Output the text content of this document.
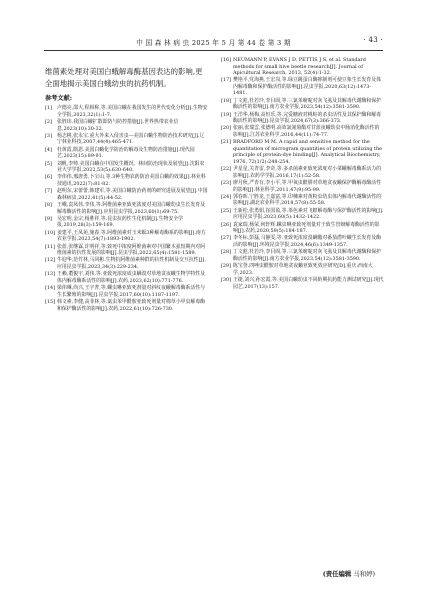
中 国 森 林 病 虫 2025 年 5 月 第 44 卷 第 3 期	· 43 ·

维菌素处理对美国白蛾解毒酶基因表达的影响,更全面地揭示美国白蛾幼虫的抗药机制。

参考文献:
[1]	卢德亮,邵大,程相称,等.美国白蛾在我国发生的世代变化分析[J].生物安全学报,2023,32(1):1-7.
[2]	张胜玮.我国白蛾扩散即防与防控措施[J].世界热带农业信息,2023(10):30-32.
[3]	杨志桃,张永宝.重大外来入侵害虫—美国白蛾生物防治技术研究[J].辽宁林业科技,2007,44(4):465-471.
[4]	杜黄霞,隋恩.美国白蛾化学防治的解毒及生物防治措施[J].现代园艺,2023(15):89-91.
[5]	刘帆,李帅.美国白蛾在中国发生概况、林间防治现状及展望[J].沈阳农业大学学报,2022,53(5):630-640.
[6]	李伟伟,邢唐勇,卜宝山,等.3种生物农药防治美国白蛾的效果[J].林业科技通讯,2022(7):81-82.
[7]	赵明东,宋蕾蕾,韩建军,等.美国白蛾防治药剂的研究进展及展望[J].中国森林病虫,2022,41(5):44-52.
[8]	王峨,袁凤伟,李伟,等.阿维菌素亚致死浓度对美国白蛾幼虫生长发育及解毒酶活性的影响[J].应用昆虫学报,2023,60(1):69-75.
[9]	吴宏明,金宗,杨胜祥,等.昆虫抗药性生化机制[J].生物安全学报,2019,28(3):159-169.
[10] 姜建平,王凤苑,施春,等.阿维菌素对玉米螟3种解毒酶系的影响[J].南方农业学报,2023,54(7):1893-1902.
[11] 张蓝,张继霖,许明祥,等.致死中浓度阿维菌素对中国繁木虱短期内对阿维菌素的抗性发展的影响[J].昆虫学报,2022,65(4):1581-1589.
[12] 牛迎华,范竹林,马同彬.生物抗阿维菌素种群的抗性机制及交互抗性[J].应用昆虫学报,2023,34(3):229-234.
[13] 王赖,董俊宇,刘伟,等.亚致死浓度成虫螨溴对草地贪夜蛾生物学特性及体内解毒酶系活性的影响[J].农药,2023,62(10):771-776.
[14] 梁伟琳,尚兴,王宇菁,等.螺虫啉亚致死剂量对斜纹夜蛾解毒酶系活性与生长繁殖的影响[J].昆虫学报,2017,60(10):1187-1197.
[15] 韩文素,李健,高菲林,等.氯虫苯甲酰胺亚致死剂量对棉草小甲虫解毒酶和保护酶活性的影响[J].农药,2022,61(10):726-730.
[16] NEUMANN P, EVANS J D, PETTIS J S, et al. Standard methods for small hive beetle research[J]. Journal of Apicultural Research, 2013, 52(4):1-32.
[17] 樊艳平,党海燕,王宏岗,等.绿豆跳蛋白酶抑制剂可使豆象生长发育及体内解毒酶和保护酶活性的影响[J].昆虫学报,2020,63(12):1473-1481.
[18] 丁文彪,杜若玲,李目阁,等.三氯苯嘧啶对灰飞虱及其解毒代谢酶和保护酶活性的影响[J].南方农业学报,2023,54(12):3581-3590.
[19] 王洋华,杨梅,高恒乐,等.完爱糖液对桃蛀的杀虫活性及其保护酶和解毒酶活性的影响[J].昆虫学报,2024,67(3):366-373.
[20] 张丽,张瑞雲,张德明.高效氯氰菊酯对甘蓝夜蛾幼虫中肠消化酶活性的影响[J].江苏农业科学,2016,44(11):74-77.
[21] BRADFORD M M. A rapid and sensitive method for the quantitation of microgram quantities of protein utilizing the principle of protein-dye binding[J]. Analytical Biochemistry, 1976, 72(1/2):248-254.
[22] 尹星星,关青雷,李奇,等.多杀菌素亚致死浓度对小菜蛾解毒酶系活力的影响[J].农药学学报,2016,17(1):52-58.
[23] 廖月秋,严青有,李小平,等.甲氧虫酰肼对草地贪夜蛾保护酶解毒酶活性的影响[J].林业科学,2011,47(9):95-99.
[24] 郭春晖,宁胜龙,王嘉富,等.印楝素对黄粉虫幼虫体内解毒代谢酶活性的影响[J].湖北农业科学,2018,57(8):55-58.
[25] 王新松,张勇娟,崔国盈,等.茶色素对飞蝗解毒酶与保护酶活性的影响[J].应用昆虫学报,2023,60(5):1432-1422.
[26] 袁家瑞,杨荣,何轩辉.螺虫啉亚致死剂量对于致生管蚜解毒酶活性的影响[J].农药,2020,59(5):184-187.
[27] 李冬标,彭磊,马静雯,等.亚致死浓度溴螨酯对番茄潜叶蛾生长发育及酶活的影响[J].环境昆虫学报,2024,46(6):1349-1357.
[28] 丁文彪,杜若玲,李目阁,等.三氯苯嘧啶对灰飞虱及其解毒代谢酶和保护酶活性的影响[J].南方农业学报,2023,54(12):3581-3590.
[29] 陈宝誉.四唑虫酰胺对草地贪夜蛾亚致死效应研究[D].重庆:西南大学,2023.
[30] 王捷,刘兴,孙宏霞,等.美国白蛾幼虫不同龄期抗药能力测试研究[J].现代园艺,2017(13):157.
(责任编辑 马和婷)
